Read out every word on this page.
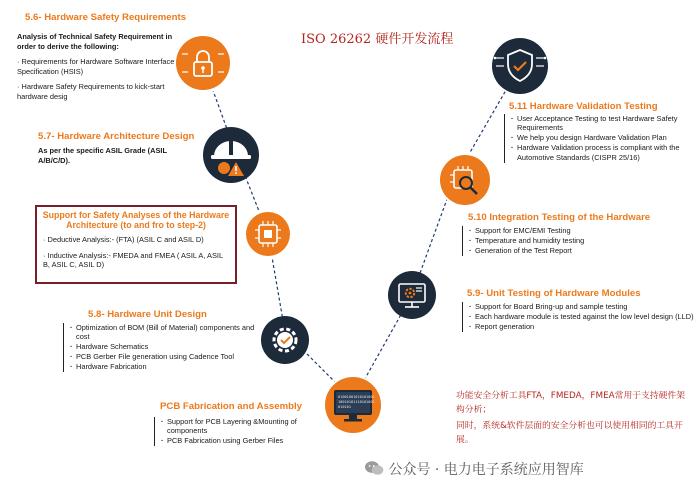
01001001010101001
10010101110101001
010101
ISO 26262 硬件开发流程
5.6- Hardware Safety Requirements

Analysis of Technical Safety Requirement in order to derive the following:

· Requirements for Hardware Software Interface Specification (HSIS)

· Hardware Safety Requirements to kick-start hardware desig

5.7- Hardware Architecture Design
As per the specific ASIL Grade (ASIL A/B/C/D).
Support for Safety Analyses of the Hardware Architecture (to and fro to step-2)

· Deductive Analysis:- (FTA) (ASIL C and ASIL D)

· Inductive Analysis:- FMEDA and FMEA ( ASIL A, ASIL B, ASIL C, ASIL D)

5.8- Hardware Unit Design
· Optimization of BOM (Bill of Material) components and cost
· Hardware Schematics
· PCB Gerber File generation using Cadence Tool
· Hardware Fabrication
PCB Fabrication and Assembly
· Support for PCB Layering &Mounting of components
· PCB Fabrication using Gerber Files
5.9- Unit Testing of Hardware Modules
· Support for Board Bring-up and sample testing
· Each hardware module is tested against the low level design (LLD)
· Report generation
5.10 Integration Testing of the Hardware
· Support for EMC/EMI Testing
· Temperature and humidity testing
· Generation of the Test Report
5.11 Hardware Validation Testing
· User Acceptance Testing to test Hardware Safety Requirements
· We help you design Hardware Validation Plan
· Hardware Validation process is compliant with the Automotive Standards (CISPR 25/16)
功能安全分析工具FTA，FMEDA，FMEA常用于支持硬件架构分析；
同时，系统&软件层面的安全分析也可以使用相同的工具开展。
公众号 · 电力电子系统应用智库
